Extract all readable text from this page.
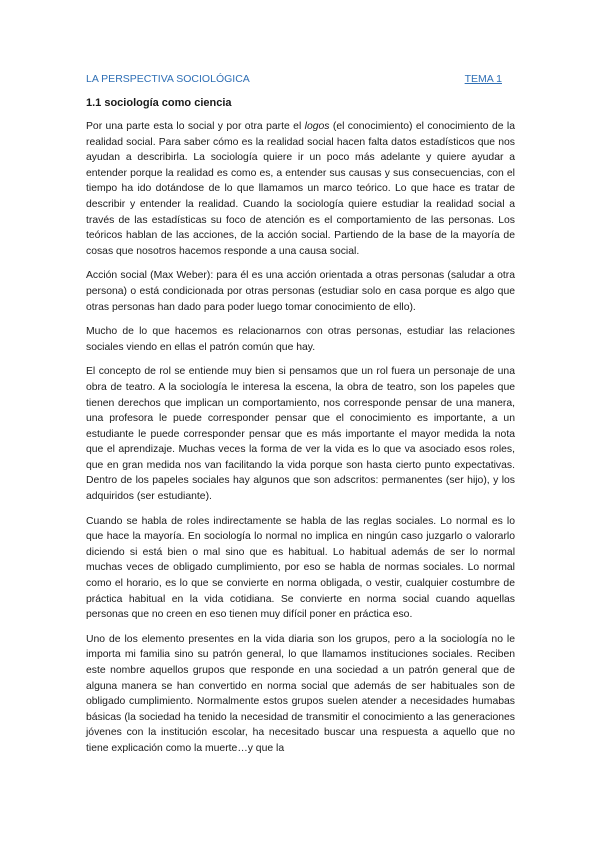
LA PERSPECTIVA SOCIOLÓGICA	TEMA 1
1.1 sociología como ciencia

Por una parte esta lo social y por otra parte el logos (el conocimiento) el conocimiento de la realidad social. Para saber cómo es la realidad social hacen falta datos estadísticos que nos ayudan a describirla. La sociología quiere ir un poco más adelante y quiere ayudar a entender porque la realidad es como es, a entender sus causas y sus consecuencias, con el tiempo ha ido dotándose de lo que llamamos un marco teórico. Lo que hace es tratar de describir y entender la realidad. Cuando la sociología quiere estudiar la realidad social a través de las estadísticas su foco de atención es el comportamiento de las personas. Los teóricos hablan de las acciones, de la acción social. Partiendo de la base de la mayoría de cosas que nosotros hacemos responde a una causa social.

Acción social (Max Weber): para él es una acción orientada a otras personas (saludar a otra persona) o está condicionada por otras personas (estudiar solo en casa porque es algo que otras personas han dado para poder luego tomar conocimiento de ello).

Mucho de lo que hacemos es relacionarnos con otras personas, estudiar las relaciones sociales viendo en ellas el patrón común que hay.

El concepto de rol se entiende muy bien si pensamos que un rol fuera un personaje de una obra de teatro. A la sociología le interesa la escena, la obra de teatro, son los papeles que tienen derechos que implican un comportamiento, nos corresponde pensar de una manera, una profesora le puede corresponder pensar que el conocimiento es importante, a un estudiante le puede corresponder pensar que es más importante el mayor medida la nota que el aprendizaje. Muchas veces la forma de ver la vida es lo que va asociado esos roles, que en gran medida nos van facilitando la vida porque son hasta cierto punto expectativas. Dentro de los papeles sociales hay algunos que son adscritos: permanentes (ser hijo), y los adquiridos (ser estudiante).

Cuando se habla de roles indirectamente se habla de las reglas sociales. Lo normal es lo que hace la mayoría. En sociología lo normal no implica en ningún caso juzgarlo o valorarlo diciendo si está bien o mal sino que es habitual. Lo habitual además de ser lo normal muchas veces de obligado cumplimiento, por eso se habla de normas sociales. Lo normal como el horario, es lo que se convierte en norma obligada, o vestir, cualquier costumbre de práctica habitual en la vida cotidiana. Se convierte en norma social cuando aquellas personas que no creen en eso tienen muy difícil poner en práctica eso.

Uno de los elemento presentes en la vida diaria son los grupos, pero a la sociología no le importa mi familia sino su patrón general, lo que llamamos instituciones sociales. Reciben este nombre aquellos grupos que responde en una sociedad a un patrón general que de alguna manera se han convertido en norma social que además de ser habituales son de obligado cumplimiento. Normalmente estos grupos suelen atender a necesidades humabas básicas (la sociedad ha tenido la necesidad de transmitir el conocimiento a las generaciones jóvenes con la institución escolar, ha necesitado buscar una respuesta a aquello que no tiene explicación como la muerte…y que la
